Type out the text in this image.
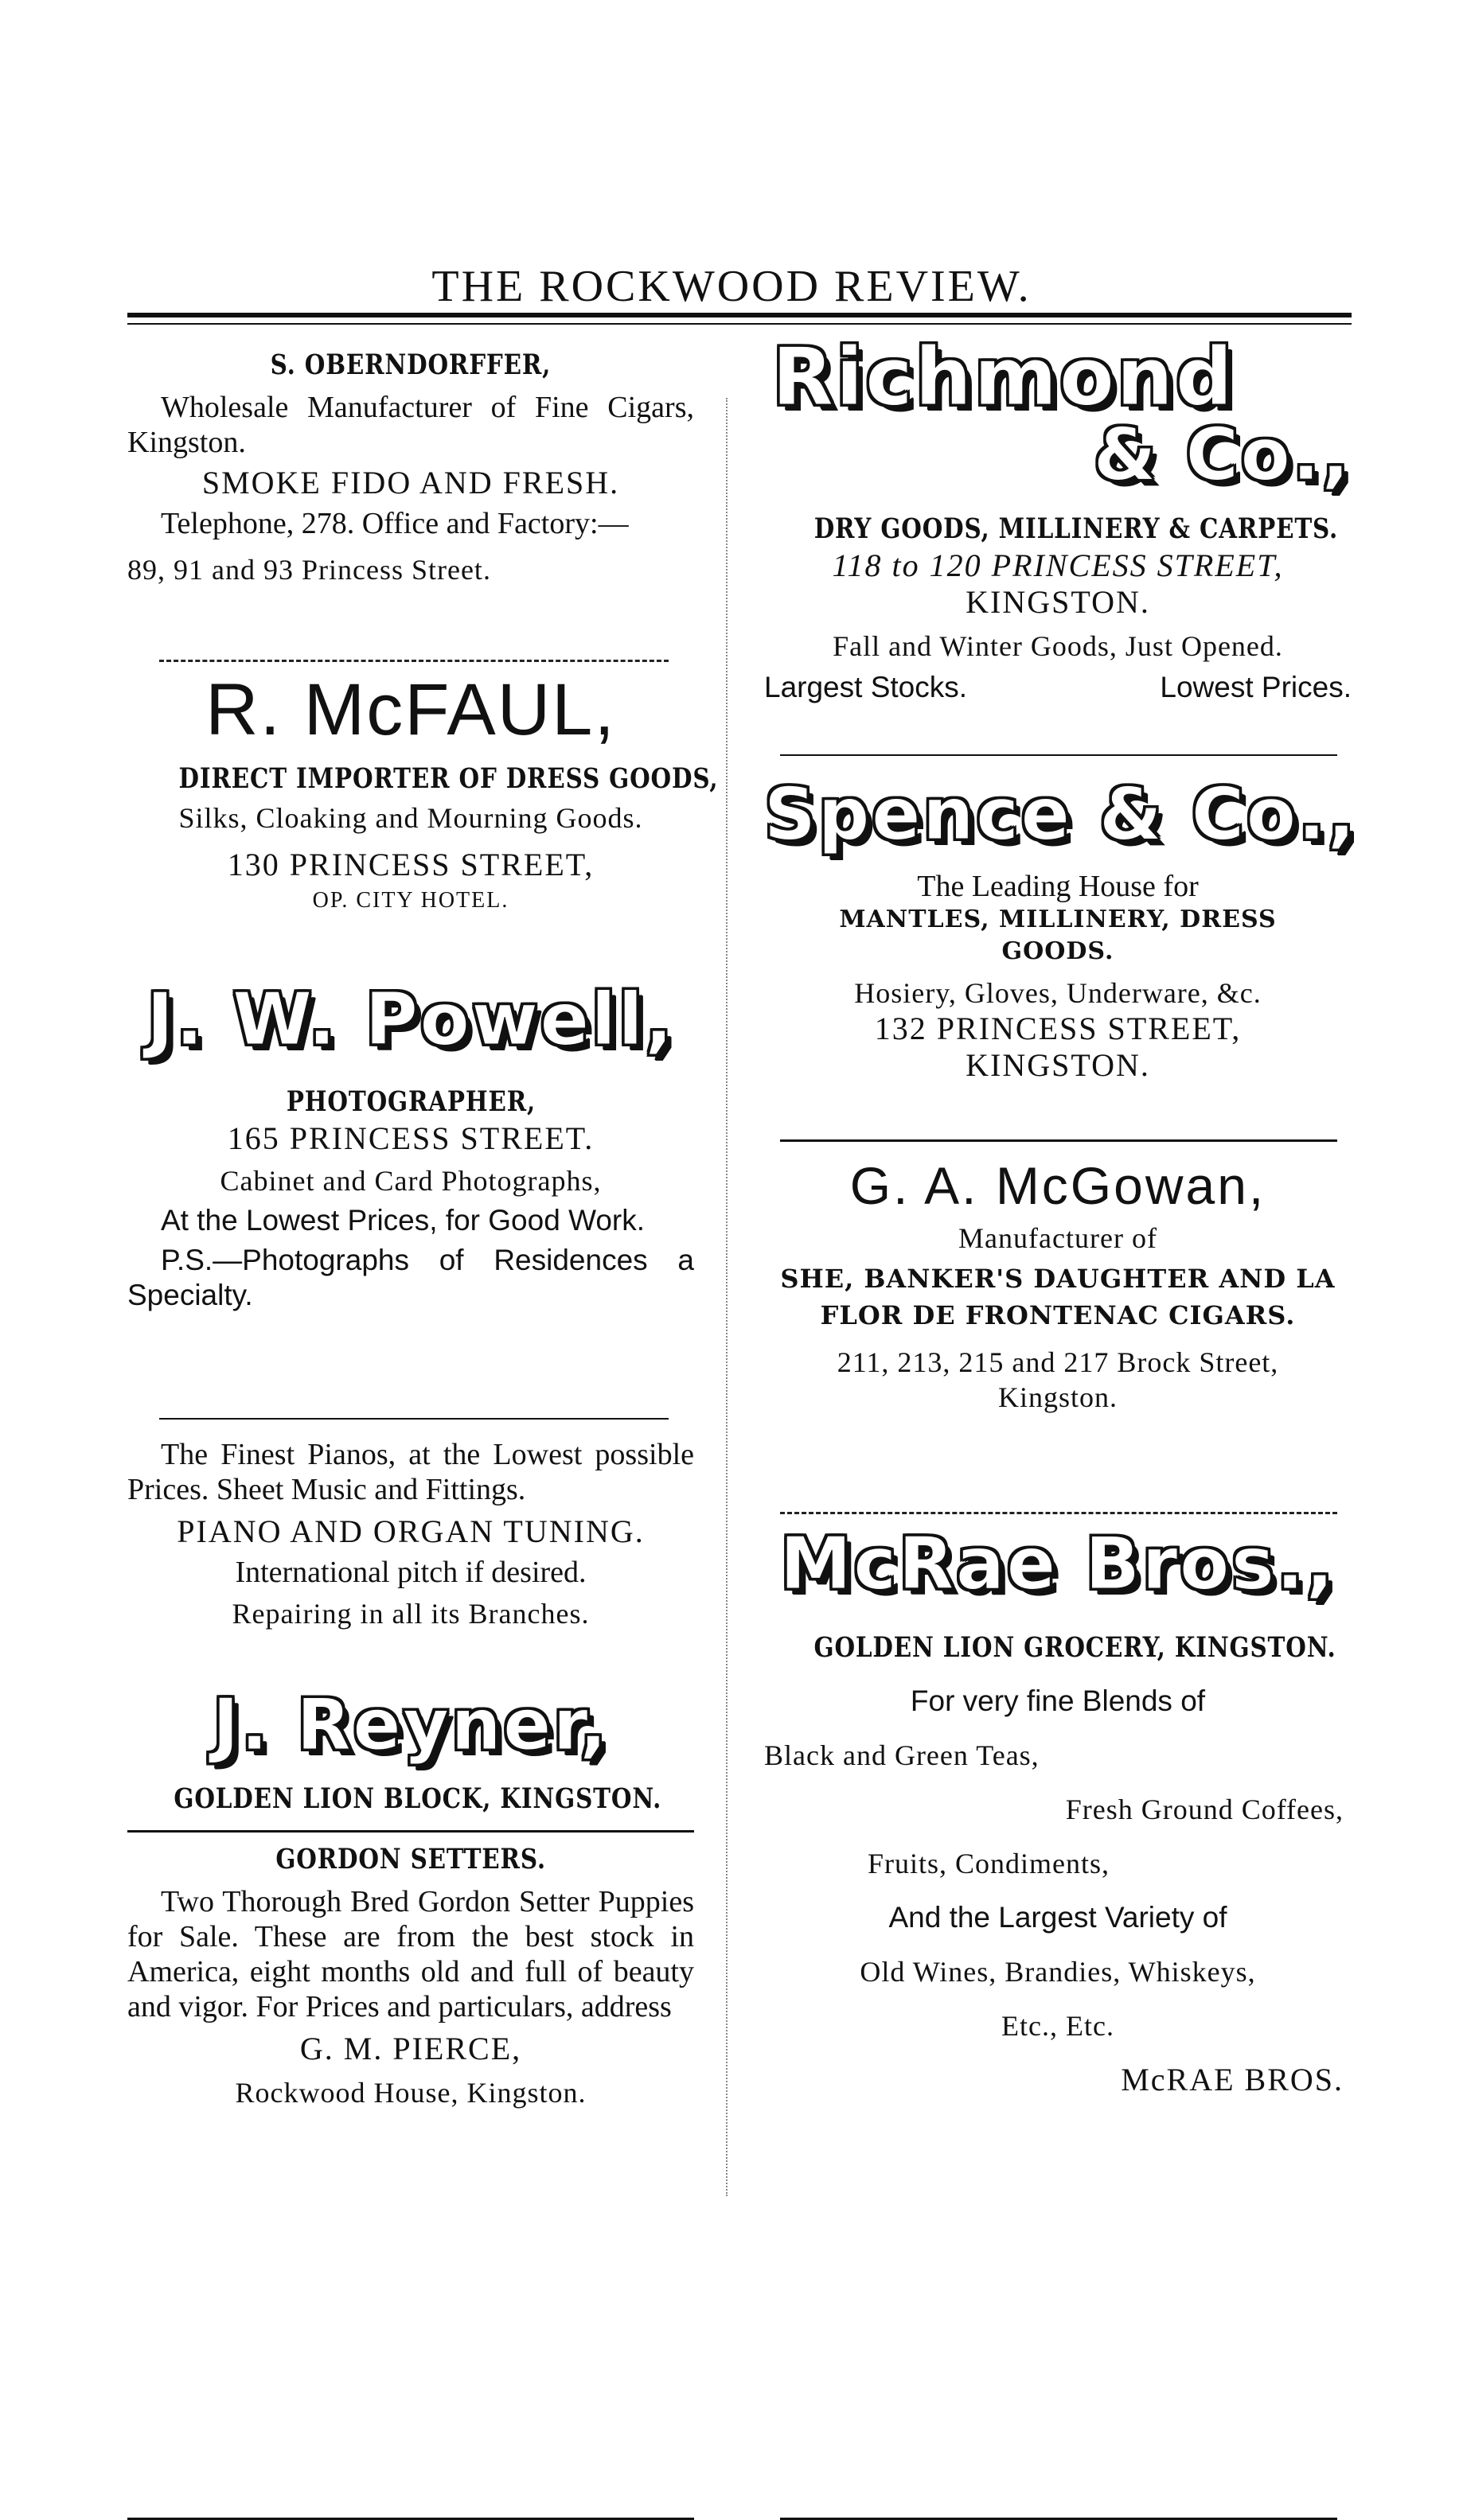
THE ROCKWOOD REVIEW.
S. OBERNDORFFER,
Wholesale Manufacturer of Fine Cigars, Kingston.
SMOKE FIDO AND FRESH.
Telephone, 278. Office and Factory:—
89, 91 and 93 Princess Street.
R. McFAUL,
DIRECT IMPORTER OF DRESS GOODS,
Silks, Cloaking and Mourning Goods.
130 PRINCESS STREET,
OP. CITY HOTEL.
J. W. Powell,
PHOTOGRAPHER,
165 PRINCESS STREET.
Cabinet and Card Photographs,
At the Lowest Prices, for Good Work.
P.S.—Photographs of Residences a Specialty.
The Finest Pianos, at the Lowest possible Prices. Sheet Music and Fittings.
PIANO AND ORGAN TUNING.
International pitch if desired.
Repairing in all its Branches.
J. Reyner,
GOLDEN LION BLOCK, KINGSTON.
GORDON SETTERS.
Two Thorough Bred Gordon Setter Puppies for Sale. These are from the best stock in America, eight months old and full of beauty and vigor. For Prices and particulars, address
G. M. PIERCE,
Rockwood House, Kingston.
Richmond
& Co.,
DRY GOODS, MILLINERY & CARPETS.
118 to 120 PRINCESS STREET,
KINGSTON.
Fall and Winter Goods, Just Opened.
Largest Stocks.	Lowest Prices.
Spence & Co.,
The Leading House for
MANTLES, MILLINERY, DRESS GOODS.
Hosiery, Gloves, Underware, &c.
132 PRINCESS STREET,
KINGSTON.
G. A. McGowan,
Manufacturer of
SHE, BANKER'S DAUGHTER AND LA FLOR DE FRONTENAC CIGARS.
211, 213, 215 and 217 Brock Street,
Kingston.
McRae Bros.,
GOLDEN LION GROCERY, KINGSTON.
For very fine Blends of
Black and Green Teas,
Fresh Ground Coffees,
Fruits, Condiments,
And the Largest Variety of
Old Wines, Brandies, Whiskeys,
Etc., Etc.
McRAE BROS.
